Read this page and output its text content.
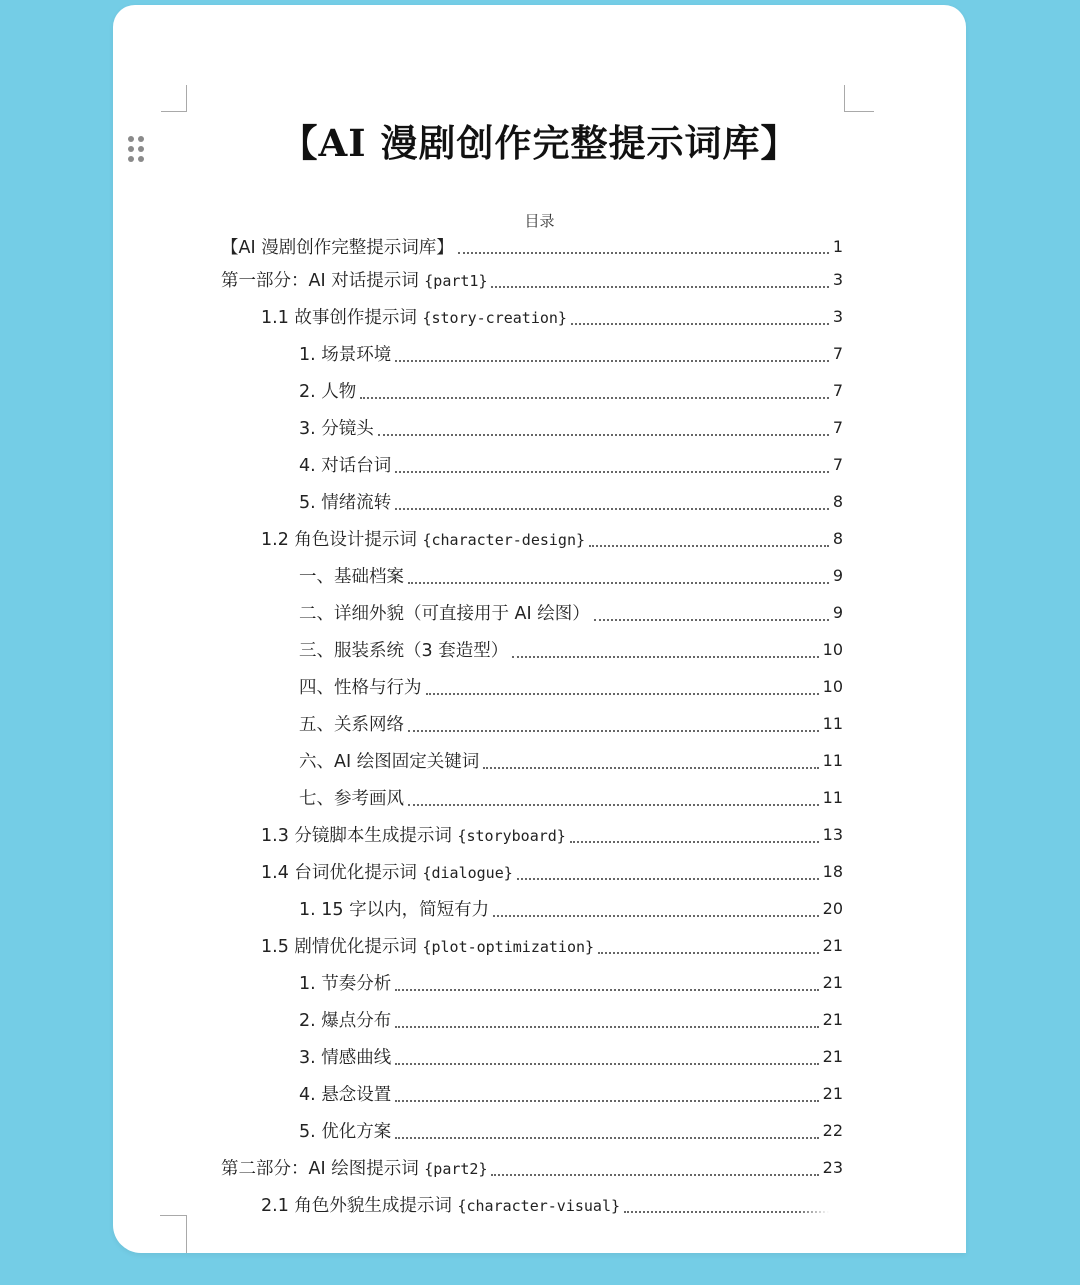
【AI 漫剧创作完整提示词库】
目录
【AI 漫剧创作完整提示词库】	1
第一部分：AI 对话提示词 {part1}	3
1.1 故事创作提示词 {story-creation}	3
1. 场景环境	7
2. 人物	7
3. 分镜头	7
4. 对话台词	7
5. 情绪流转	8
1.2 角色设计提示词 {character-design}	8
一、基础档案	9
二、详细外貌（可直接用于 AI 绘图）	9
三、服装系统（3 套造型）	10
四、性格与行为	10
五、关系网络	11
六、AI 绘图固定关键词	11
七、参考画风	11
1.3 分镜脚本生成提示词 {storyboard}	13
1.4 台词优化提示词 {dialogue}	18
1. 15 字以内，简短有力	20
1.5 剧情优化提示词 {plot-optimization}	21
1. 节奏分析	21
2. 爆点分布	21
3. 情感曲线	21
4. 悬念设置	21
5. 优化方案	22
第二部分：AI 绘图提示词 {part2}	23
2.1 角色外貌生成提示词 {character-visual}
